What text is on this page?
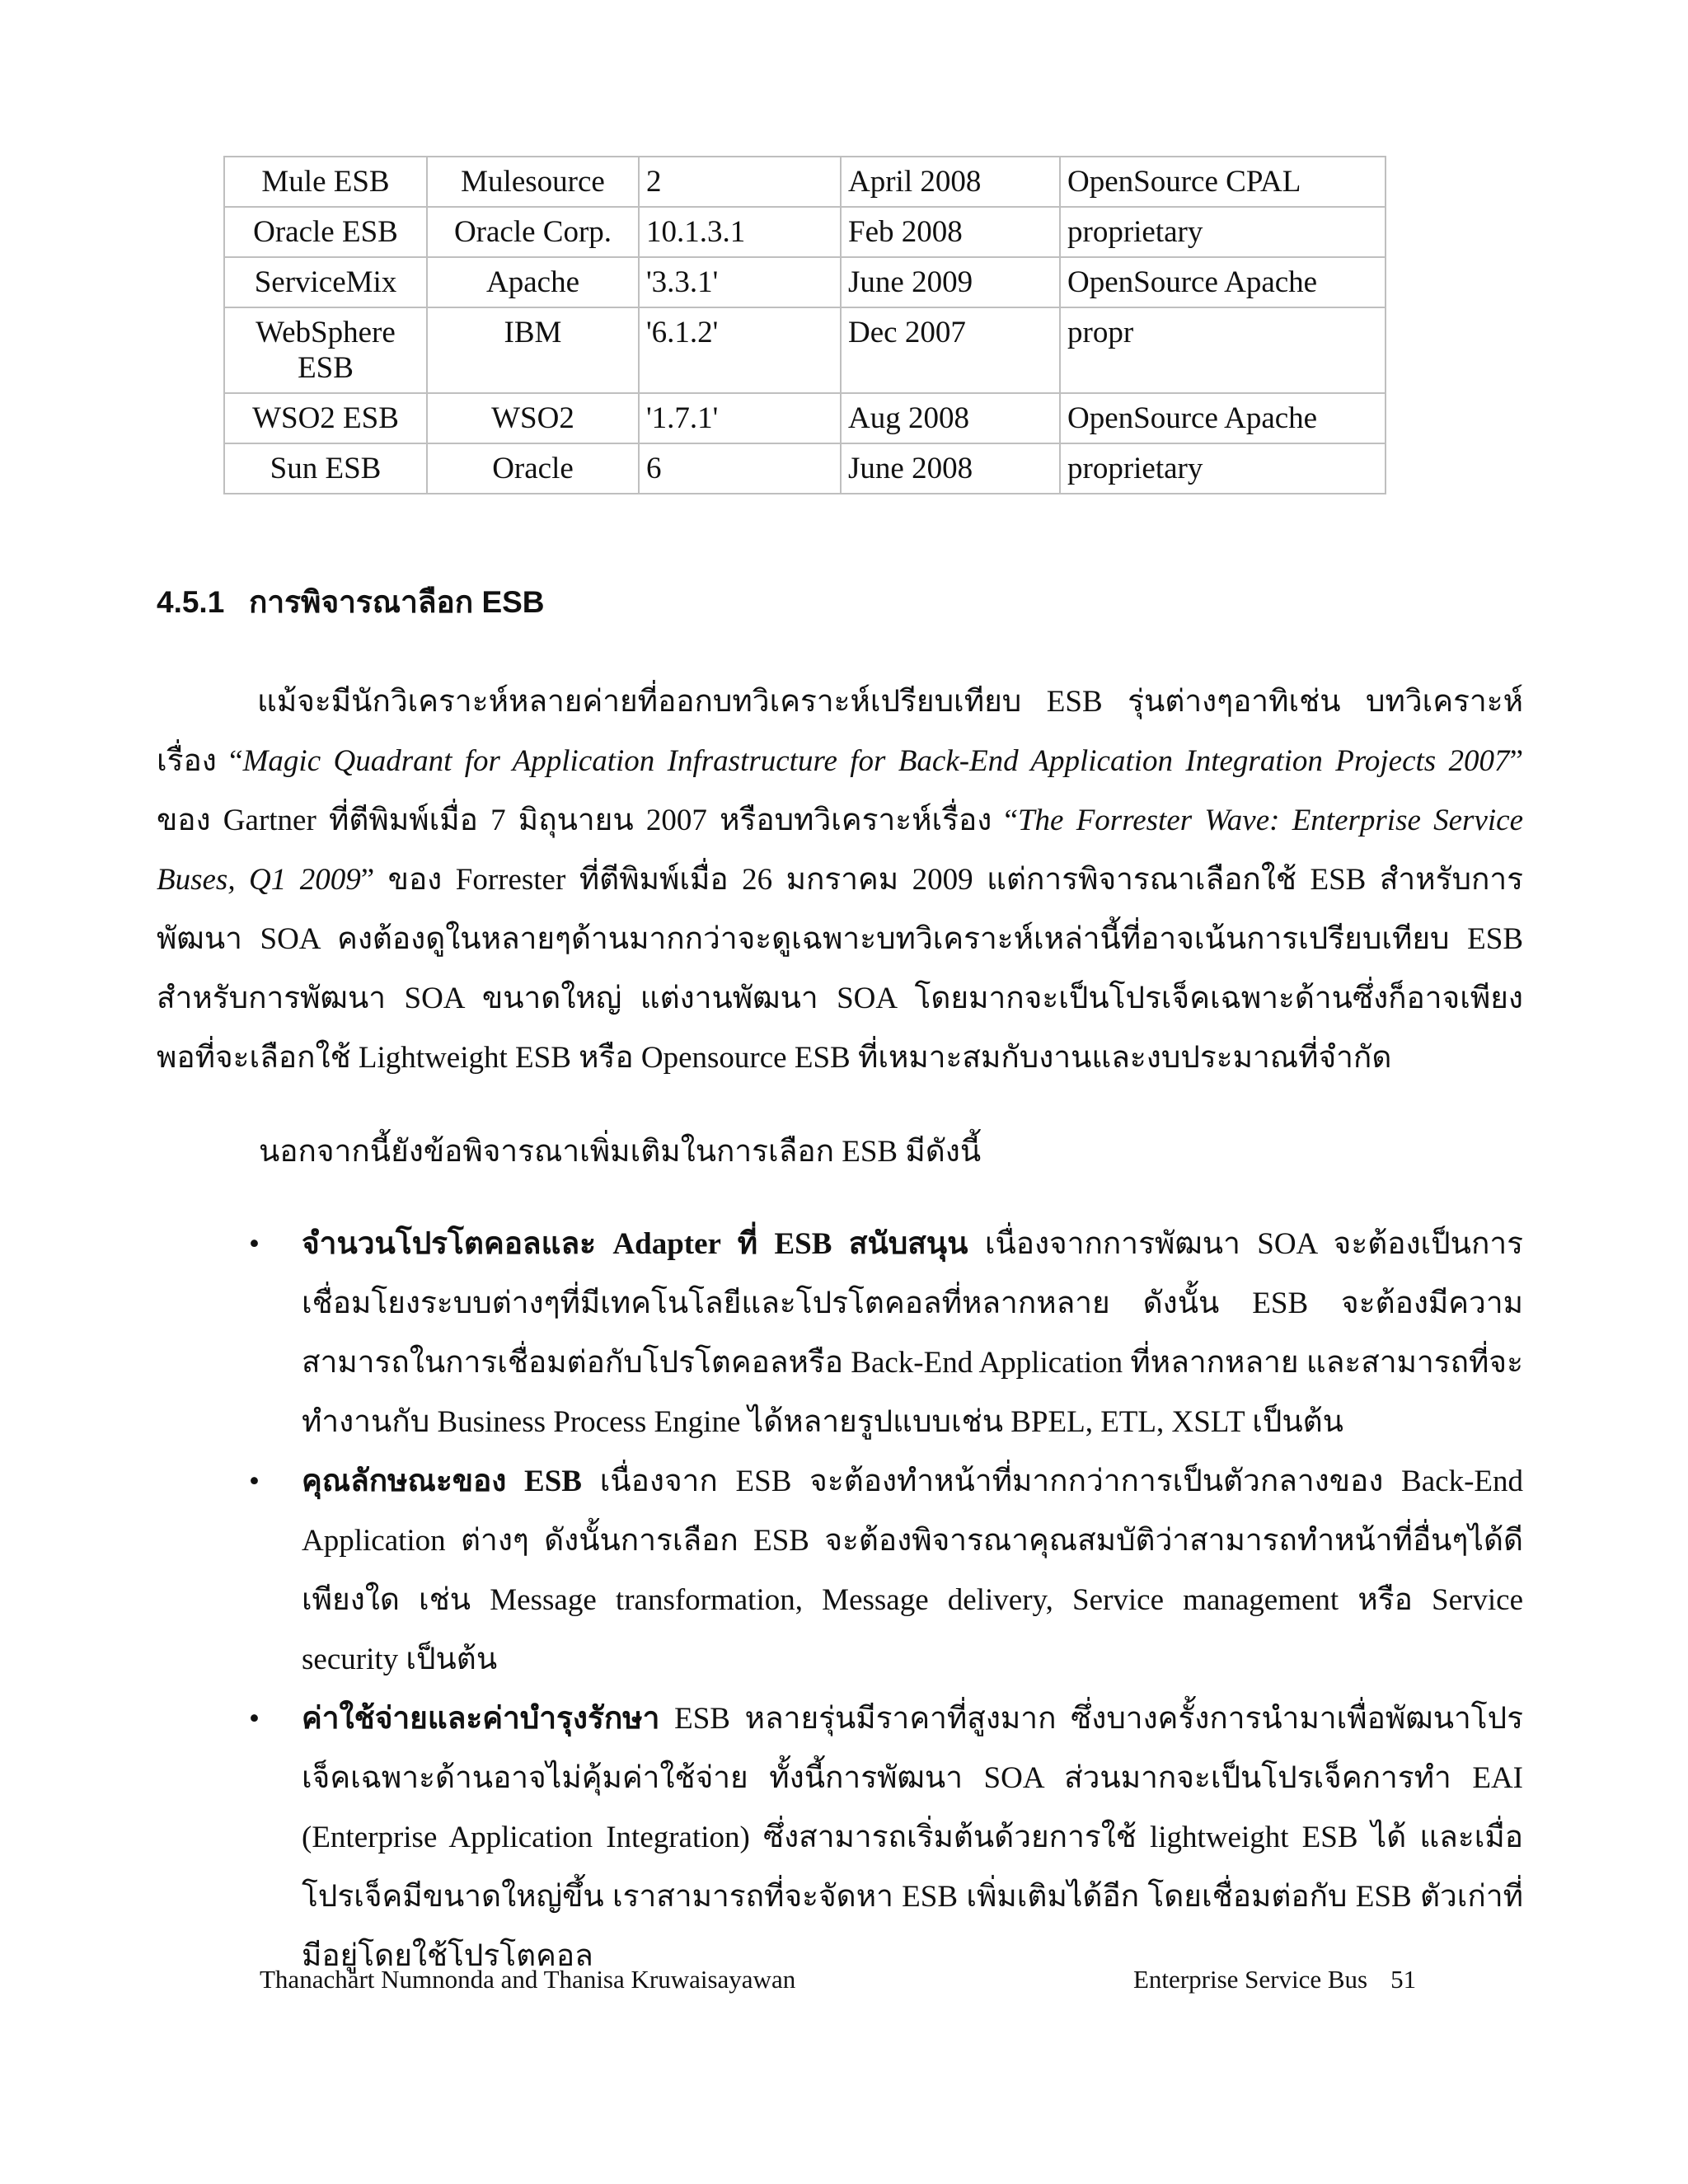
Mule ESB	Mulesource	2	April 2008	OpenSource CPAL
Oracle ESB	Oracle Corp.	10.1.3.1	Feb 2008	proprietary
ServiceMix	Apache	'3.3.1'	June 2009	OpenSource Apache
WebSphere ESB	IBM	'6.1.2'	Dec 2007	propr
WSO2 ESB	WSO2	'1.7.1'	Aug 2008	OpenSource Apache
Sun ESB	Oracle	6	June 2008	proprietary
4.5.1 การพิจารณาลือก ESB

แม้จะมีนักวิเคราะห์หลายค่ายที่ออกบทวิเคราะห์เปรียบเทียบ ESB รุ่นต่างๆอาทิเช่น บทวิเคราะห์เรื่อง “Magic Quadrant for Application Infrastructure for Back-End Application Integration Projects 2007” ของ Gartner ที่ตีพิมพ์เมื่อ 7 มิถุนายน 2007 หรือบทวิเคราะห์เรื่อง “The Forrester Wave: Enterprise Service Buses, Q1 2009” ของ Forrester ที่ตีพิมพ์เมื่อ 26 มกราคม 2009 แต่การพิจารณาเลือกใช้ ESB สำหรับการพัฒนา SOA คงต้องดูในหลายๆด้านมากกว่าจะดูเฉพาะบทวิเคราะห์เหล่านี้ที่อาจเน้นการเปรียบเทียบ ESB สำหรับการพัฒนา SOA ขนาดใหญ่ แต่งานพัฒนา SOA โดยมากจะเป็นโปรเจ็คเฉพาะด้านซึ่งก็อาจเพียงพอที่จะเลือกใช้ Lightweight ESB หรือ Opensource ESB ที่เหมาะสมกับงานและงบประมาณที่จำกัด

นอกจากนี้ยังข้อพิจารณาเพิ่มเติมในการเลือก ESB มีดังนี้

•	จำนวนโปรโตคอลและ Adapter ที่ ESB สนับสนุน เนื่องจากการพัฒนา SOA จะต้องเป็นการเชื่อมโยงระบบต่างๆที่มีเทคโนโลยีและโปรโตคอลที่หลากหลาย ดังนั้น ESB จะต้องมีความสามารถในการเชื่อมต่อกับโปรโตคอลหรือ Back-End Application ที่หลากหลาย และสามารถที่จะทำงานกับ Business Process Engine ได้หลายรูปแบบเช่น BPEL, ETL, XSLT เป็นต้น
•	คุณลักษณะของ ESB เนื่องจาก ESB จะต้องทำหน้าที่มากกว่าการเป็นตัวกลางของ Back-End Application ต่างๆ ดังนั้นการเลือก ESB จะต้องพิจารณาคุณสมบัติว่าสามารถทำหน้าที่อื่นๆได้ดีเพียงใด เช่น Message transformation, Message delivery, Service management หรือ Service security เป็นต้น
•	ค่าใช้จ่ายและค่าบำรุงรักษา ESB หลายรุ่นมีราคาที่สูงมาก ซึ่งบางครั้งการนำมาเพื่อพัฒนาโปรเจ็คเฉพาะด้านอาจไม่คุ้มค่าใช้จ่าย ทั้งนี้การพัฒนา SOA ส่วนมากจะเป็นโปรเจ็คการทำ EAI (Enterprise Application Integration) ซึ่งสามารถเริ่มต้นด้วยการใช้ lightweight ESB ได้ และเมื่อโปรเจ็คมีขนาดใหญ่ขึ้น เราสามารถที่จะจัดหา ESB เพิ่มเติมได้อีก โดยเชื่อมต่อกับ ESB ตัวเก่าที่มีอยู่โดยใช้โปรโตคอล
Thanachart Numnonda and Thanisa Kruwaisayawan	Enterprise Service Bus 51
